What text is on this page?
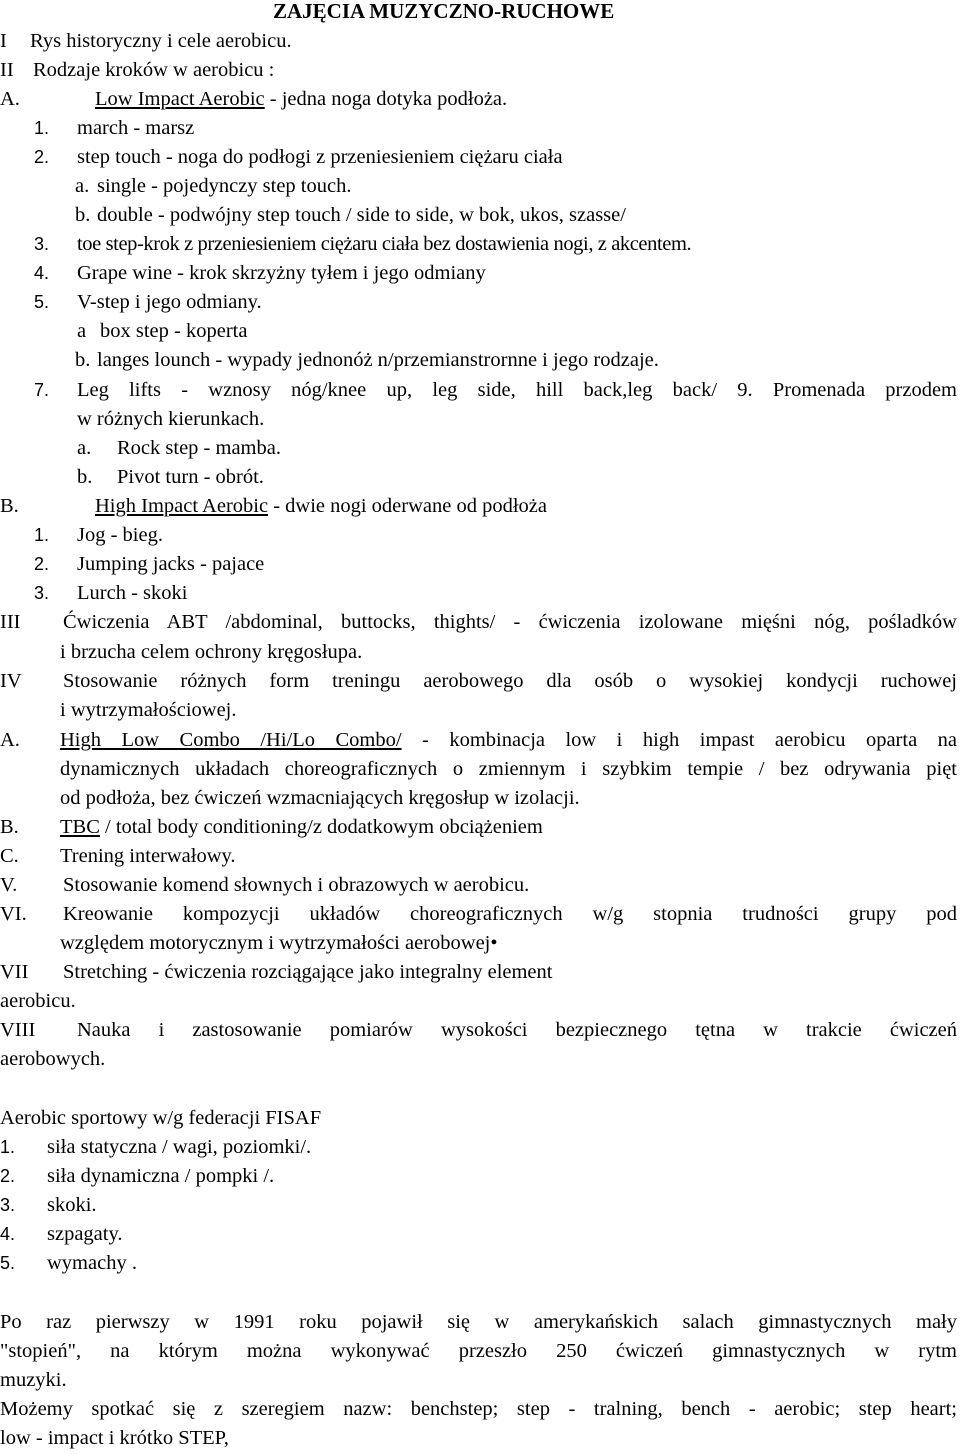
ZAJĘCIA MUZYCZNO-RUCHOWE
I Rys historyczny i cele aerobicu.
II Rodzaje kroków w aerobicu :
A.	Low Impact Aerobic - jedna noga dotyka podłoża.
1. march - marsz
2. step touch - noga do podłogi z przeniesieniem ciężaru ciała
a. single - pojedynczy step touch.
b. double - podwójny step touch / side to side, w bok, ukos, szasse/
3. toe step-krok z przeniesieniem ciężaru ciała bez dostawienia nogi, z akcentem.
4. Grape wine - krok skrzyżny tyłem i jego odmiany
5. V-step i jego odmiany.
a box step - koperta
b. langes lounch - wypady jednonóż n/przemianstrornne i jego rodzaje.
7. Leg lifts - wznosy nóg/knee up, leg side, hill back,leg back/ 9. Promenada przodem
w różnych kierunkach.
a. Rock step - mamba.
b. Pivot turn - obrót.
B.	High Impact Aerobic - dwie nogi oderwane od podłoża
1. Jog - bieg.
2. Jumping jacks - pajace
3. Lurch - skoki
III Ćwiczenia ABT /abdominal, buttocks, thights/ - ćwiczenia izolowane mięśni nóg, pośladków
i brzucha celem ochrony kręgosłupa.
IV Stosowanie różnych form treningu aerobowego dla osób o wysokiej kondycji ruchowej
i wytrzymałościowej.
A. High Low Combo /Hi/Lo Combo/ - kombinacja low i high impast aerobicu oparta na
dynamicznych układach choreograficznych o zmiennym i szybkim tempie / bez odrywania pięt
od podłoża, bez ćwiczeń wzmacniających kręgosłup w izolacji.
B. TBC / total body conditioning/z dodatkowym obciążeniem
C. Trening interwałowy.
V. Stosowanie komend słownych i obrazowych w aerobicu.
VI. Kreowanie kompozycji układów choreograficznych w/g stopnia trudności grupy pod
względem motorycznym i wytrzymałości aerobowej•
VII Stretching - ćwiczenia rozciągające jako integralny element
aerobicu.
VIII Nauka i zastosowanie pomiarów wysokości bezpiecznego tętna w trakcie ćwiczeń
aerobowych.
Aerobic sportowy w/g federacji FISAF
1. siła statyczna / wagi, poziomki/.
2. siła dynamiczna / pompki /.
3. skoki.
4. szpagaty.
5. wymachy .
Po raz pierwszy w 1991 roku pojawił się w amerykańskich salach gimnastycznych mały
"stopień", na którym można wykonywać przeszło 250 ćwiczeń gimnastycznych w rytm
muzyki.
Możemy spotkać się z szeregiem nazw: benchstep; step - tralning, bench - aerobic; step heart;
low - impact i krótko STEP,
